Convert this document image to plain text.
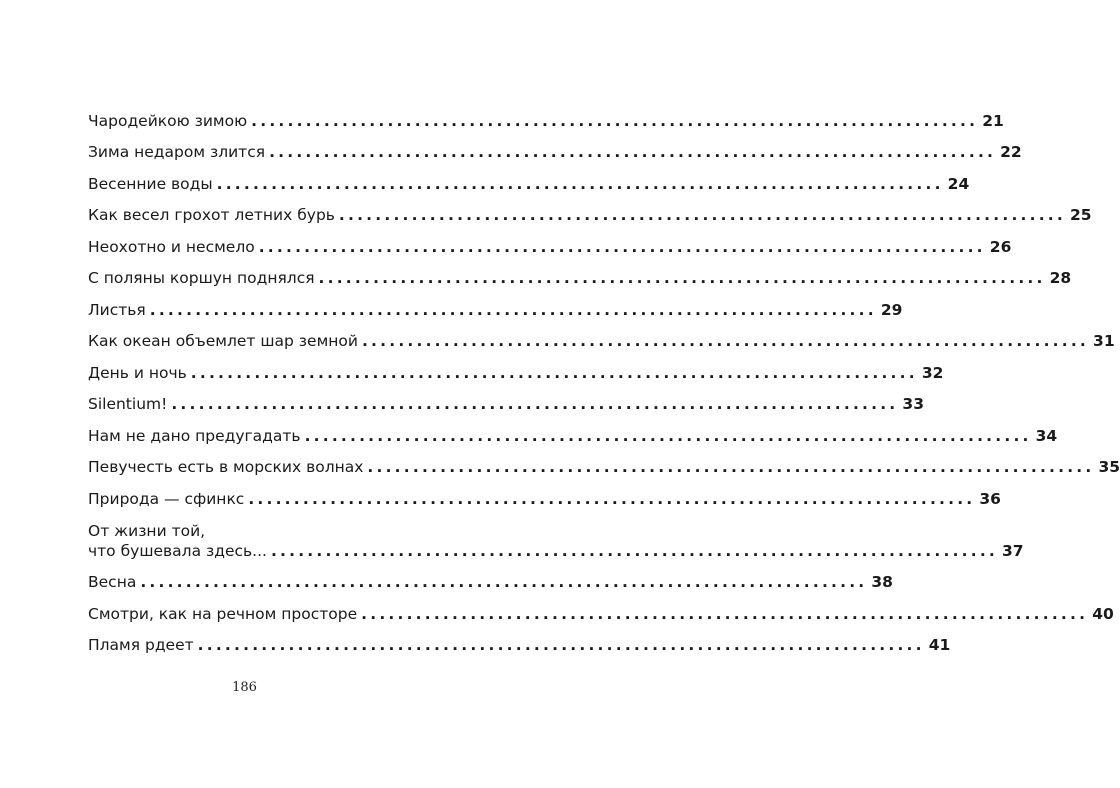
Чародейкою зимою ................................................................................ 21
Зима недаром злится ................................................................................ 22
Весенние воды ................................................................................ 24
Как весел грохот летних бурь ................................................................................ 25
Неохотно и несмело ................................................................................ 26
С поляны коршун поднялся ................................................................................ 28
Листья ................................................................................ 29
Как океан объемлет шар земной ................................................................................ 31
День и ночь ................................................................................ 32
Silentium! ................................................................................ 33
Нам не дано предугадать ................................................................................ 34
Певучесть есть в морских волнах ................................................................................ 35
Природа — сфинкс ................................................................................ 36
От жизни той,
что бушевала здесь... ................................................................................ 37
Весна ................................................................................ 38
Смотри, как на речном просторе ................................................................................ 40
Пламя рдеет ................................................................................ 41
186
